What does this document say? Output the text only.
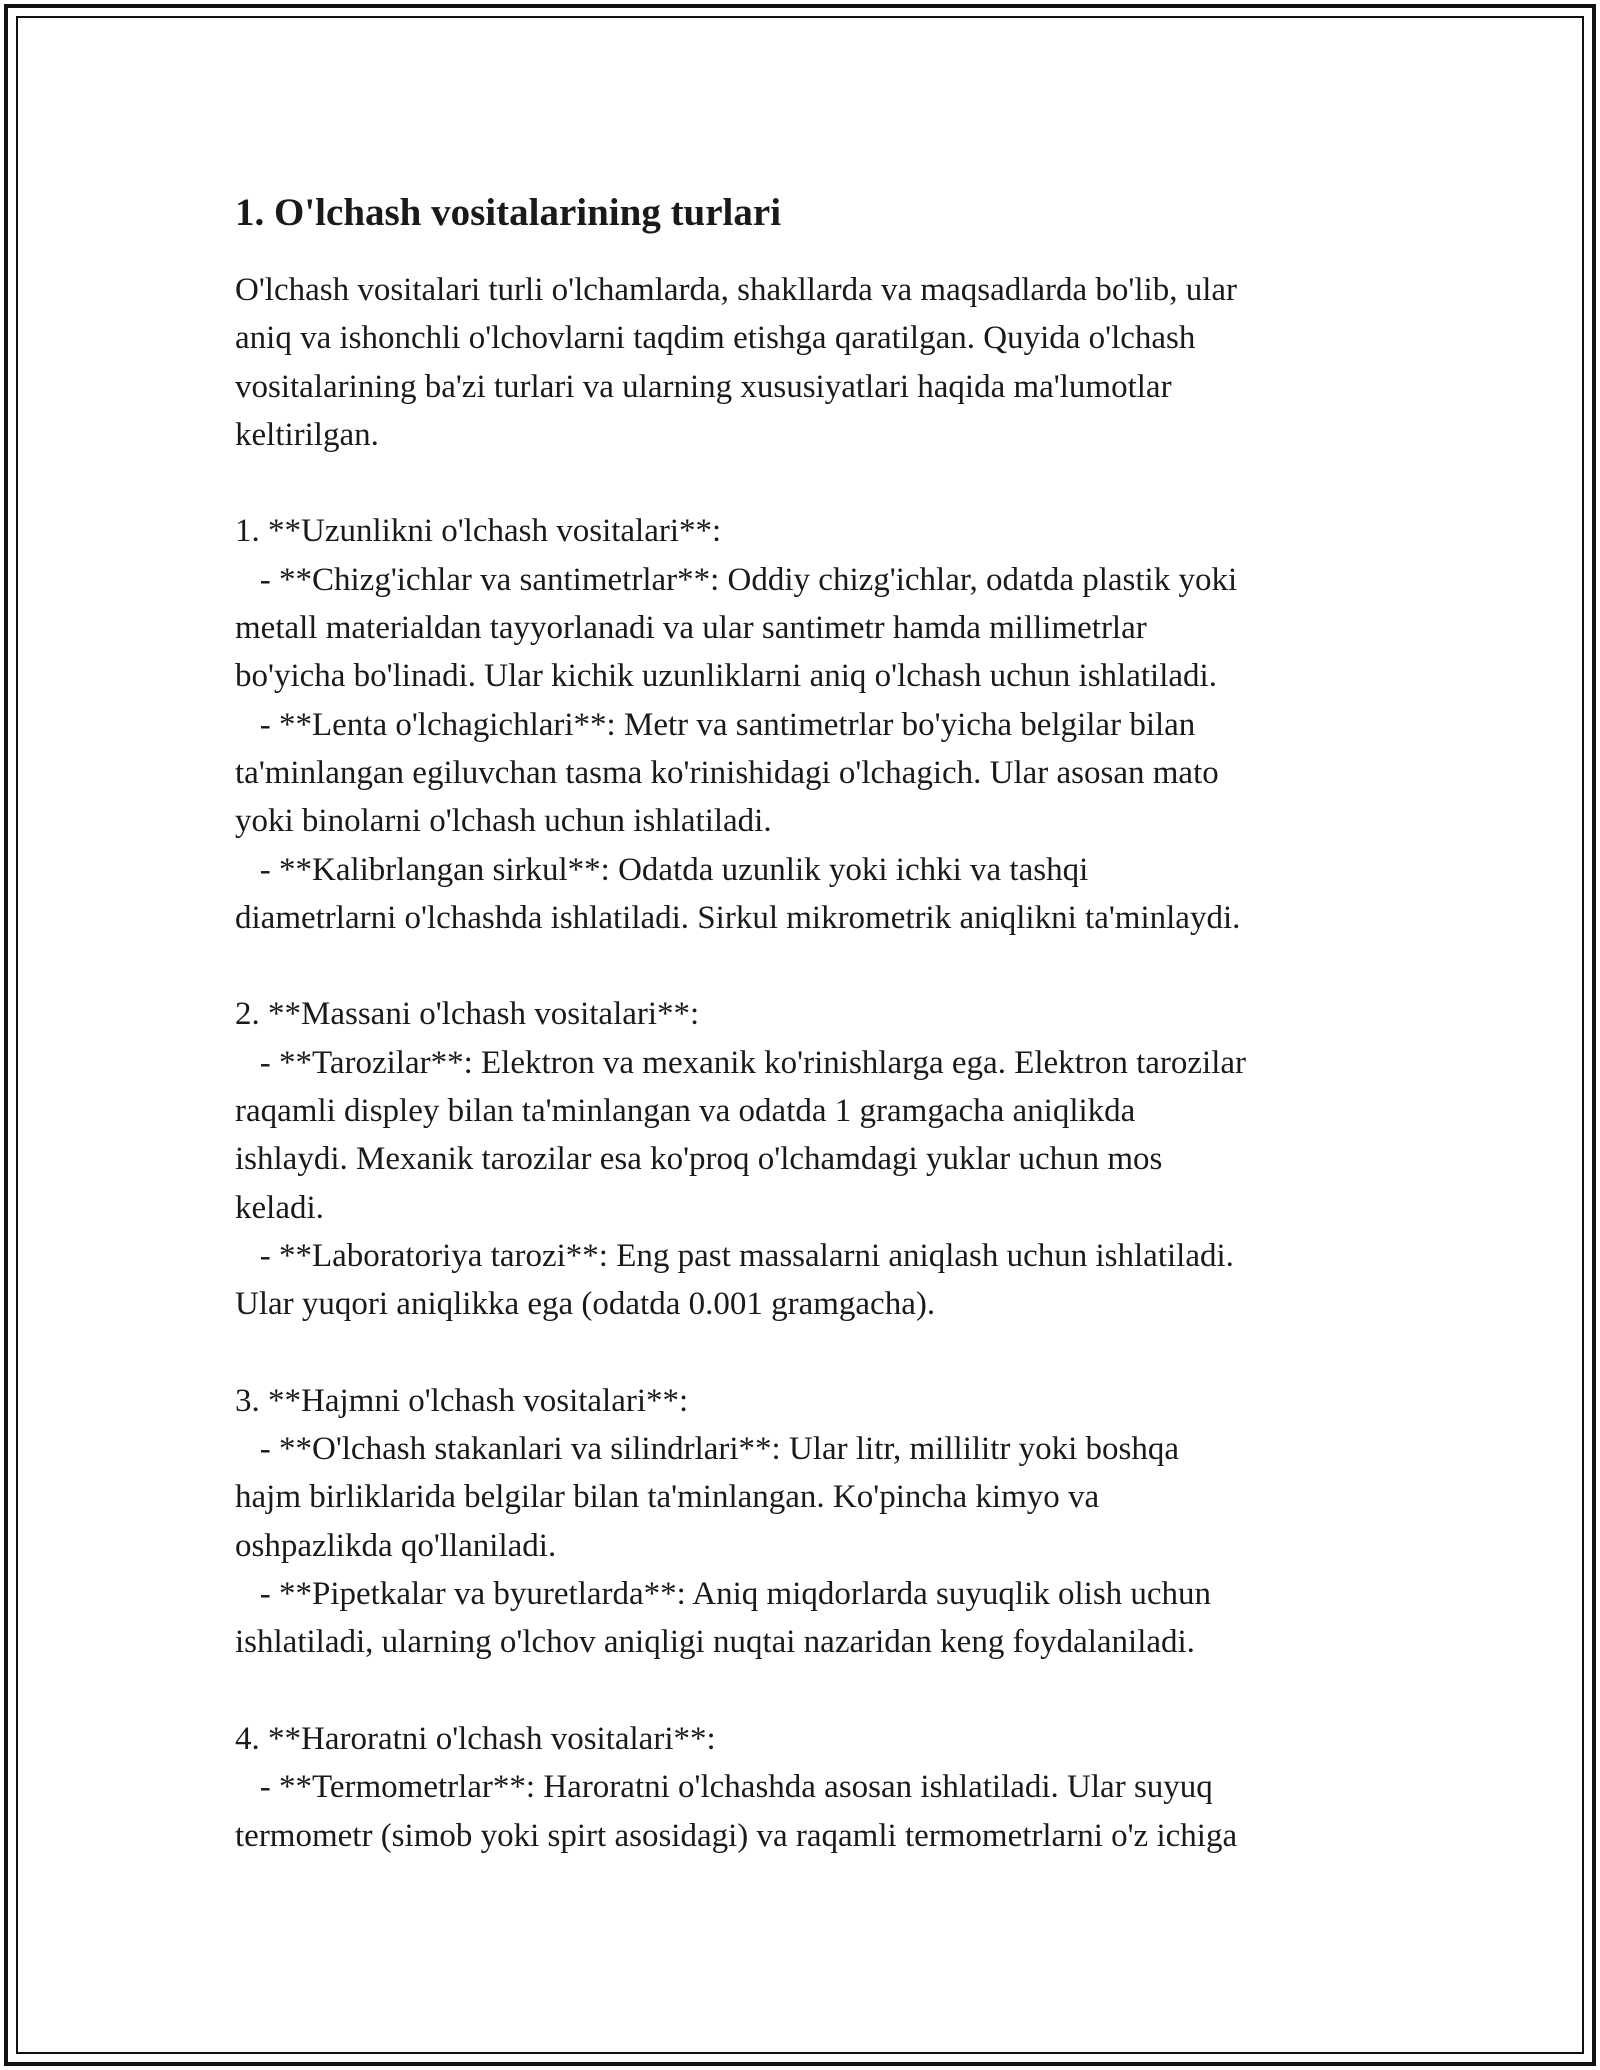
1. O'lchash vositalarining turlari
O'lchash vositalari turli o'lchamlarda, shakllarda va maqsadlarda bo'lib, ular
aniq va ishonchli o'lchovlarni taqdim etishga qaratilgan. Quyida o'lchash
vositalarining ba'zi turlari va ularning xususiyatlari haqida ma'lumotlar
keltirilgan.
1. **Uzunlikni o'lchash vositalari**:
- **Chizg'ichlar va santimetrlar**: Oddiy chizg'ichlar, odatda plastik yoki
metall materialdan tayyorlanadi va ular santimetr hamda millimetrlar
bo'yicha bo'linadi. Ular kichik uzunliklarni aniq o'lchash uchun ishlatiladi.
- **Lenta o'lchagichlari**: Metr va santimetrlar bo'yicha belgilar bilan
ta'minlangan egiluvchan tasma ko'rinishidagi o'lchagich. Ular asosan mato
yoki binolarni o'lchash uchun ishlatiladi.
- **Kalibrlangan sirkul**: Odatda uzunlik yoki ichki va tashqi
diametrlarni o'lchashda ishlatiladi. Sirkul mikrometrik aniqlikni ta'minlaydi.
2. **Massani o'lchash vositalari**:
- **Tarozilar**: Elektron va mexanik ko'rinishlarga ega. Elektron tarozilar
raqamli displey bilan ta'minlangan va odatda 1 gramgacha aniqlikda
ishlaydi. Mexanik tarozilar esa ko'proq o'lchamdagi yuklar uchun mos
keladi.
- **Laboratoriya tarozi**: Eng past massalarni aniqlash uchun ishlatiladi.
Ular yuqori aniqlikka ega (odatda 0.001 gramgacha).
3. **Hajmni o'lchash vositalari**:
- **O'lchash stakanlari va silindrlari**: Ular litr, millilitr yoki boshqa
hajm birliklarida belgilar bilan ta'minlangan. Ko'pincha kimyo va
oshpazlikda qo'llaniladi.
- **Pipetkalar va byuretlarda**: Aniq miqdorlarda suyuqlik olish uchun
ishlatiladi, ularning o'lchov aniqligi nuqtai nazaridan keng foydalaniladi.
4. **Haroratni o'lchash vositalari**:
- **Termometrlar**: Haroratni o'lchashda asosan ishlatiladi. Ular suyuq
termometr (simob yoki spirt asosidagi) va raqamli termometrlarni o'z ichiga
